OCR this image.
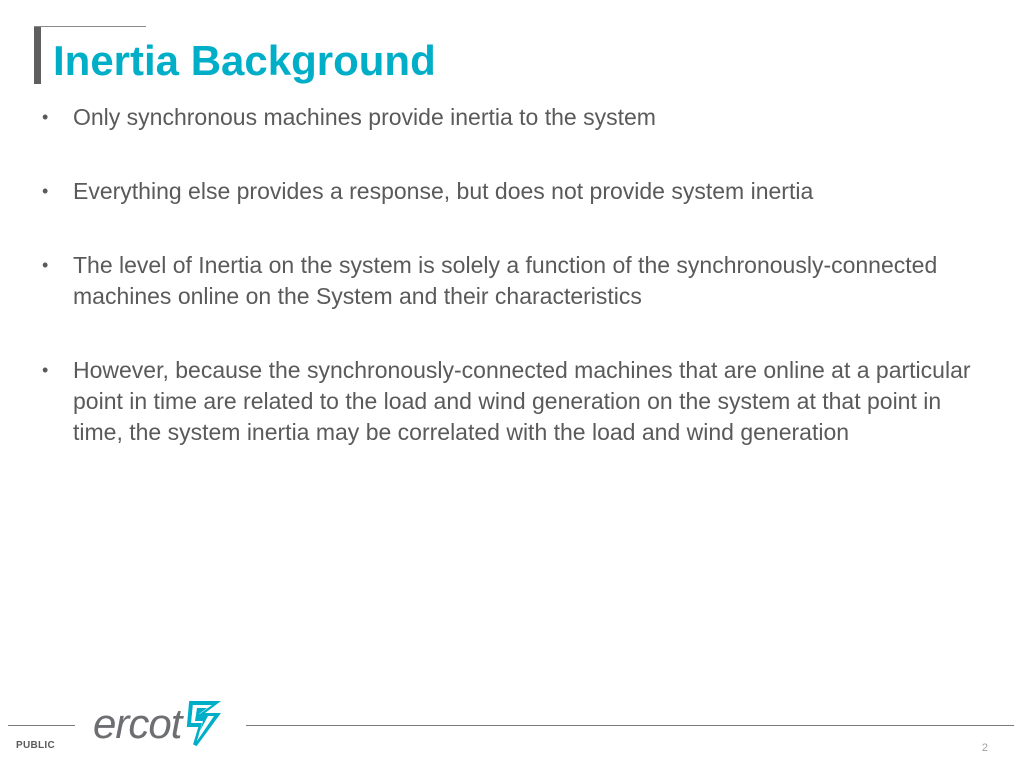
Inertia Background
• Only synchronous machines provide inertia to the system
• Everything else provides a response, but does not provide system inertia
• The level of Inertia on the system is solely a function of the synchronously-connected machines online on the System and their characteristics
• However, because the synchronously-connected machines that are online at a particular point in time are related to the load and wind generation on the system at that point in time, the system inertia may be correlated with the load and wind generation
ercot
PUBLIC	2
